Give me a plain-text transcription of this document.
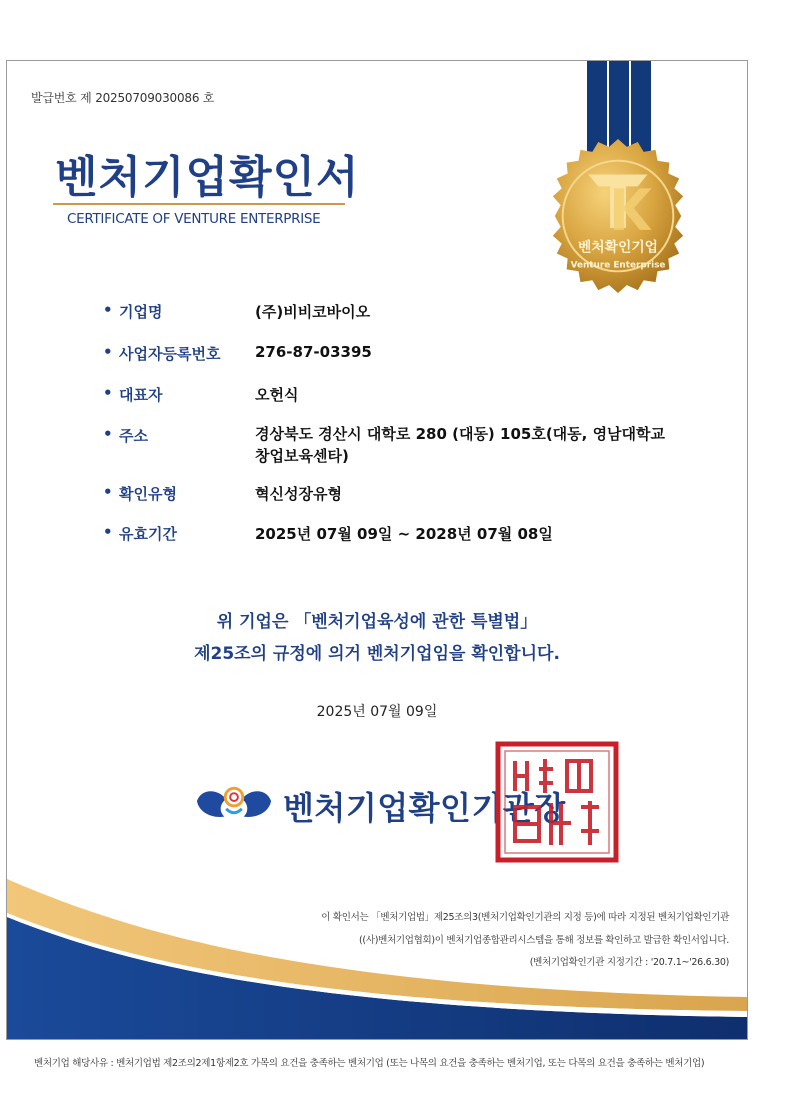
발급번호 제 20250709030086 호
벤처기업확인서
CERTIFICATE OF VENTURE ENTERPRISE
벤처확인기업
Venture Enterprise
• 기업명	(주)비비코바이오
• 사업자등록번호 276-87-03395
• 대표자	오헌식
• 주소	경상북도 경산시 대학로 280 (대동) 105호(대동, 영남대학교 창업보육센타)
• 확인유형	혁신성장유형
• 유효기간	2025년 07월 09일 ~ 2028년 07월 08일
위 기업은 「벤처기업육성에 관한 특별법」
제25조의 규정에 의거 벤처기업임을 확인합니다.
2025년 07월 09일
벤처기업확인기관장
이 확인서는 「벤처기업법」제25조의3(벤처기업확인기관의 지정 등)에 따라 지정된 벤처기업확인기관
((사)벤처기업협회)이 벤처기업종합관리시스템을 통해 정보를 확인하고 발급한 확인서입니다.
(벤처기업확인기관 지정기간 : '20.7.1~'26.6.30)
벤처기업 해당사유 : 벤처기업법 제2조의2제1항제2호 가목의 요건을 충족하는 벤처기업 (또는 나목의 요건을 충족하는 벤처기업, 또는 다목의 요건을 충족하는 벤처기업)
